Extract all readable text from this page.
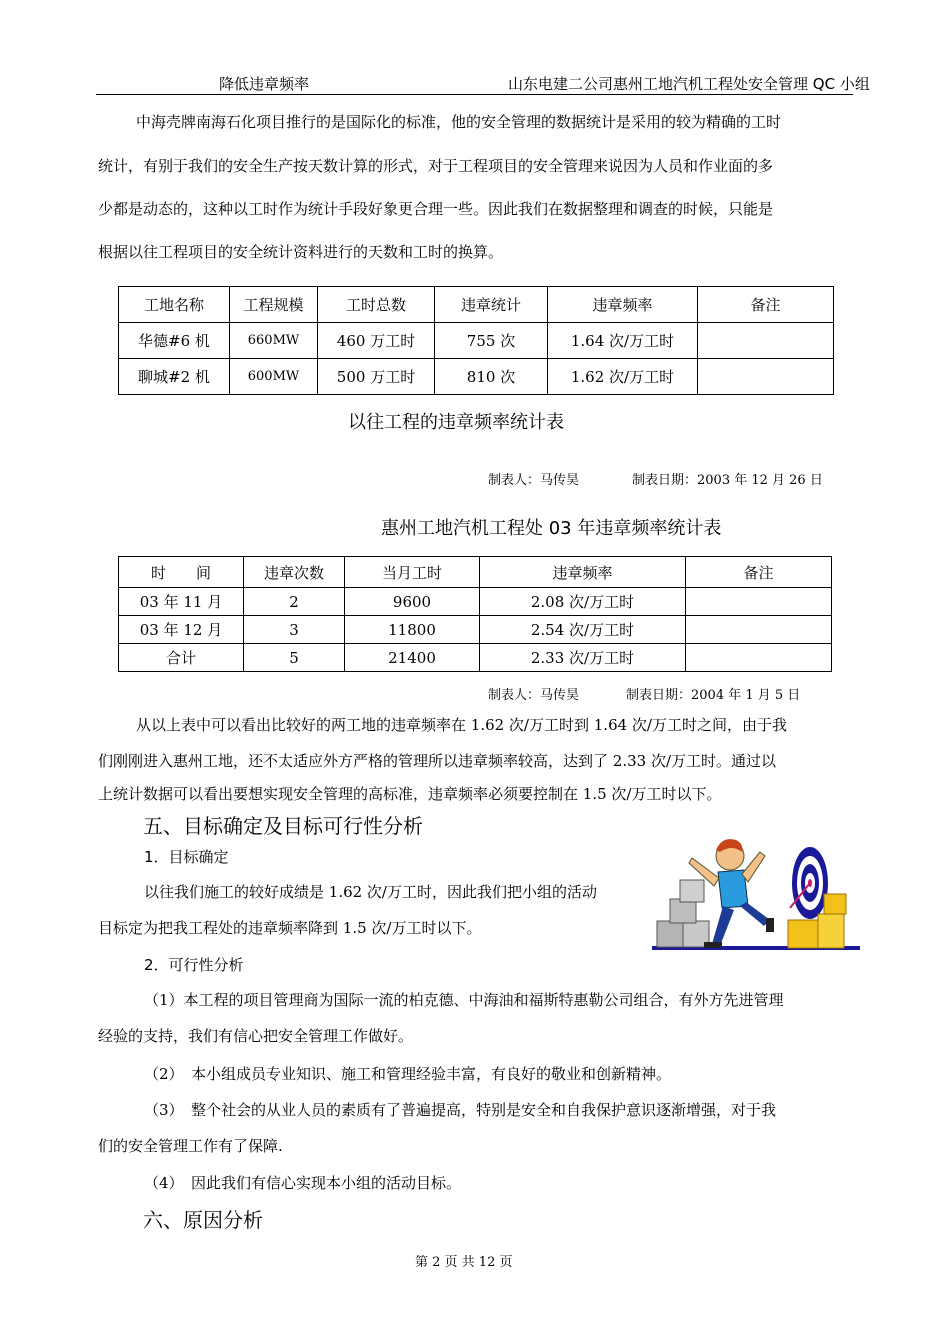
降低违章频率	山东电建二公司惠州工地汽机工程处安全管理 QC 小组
中海壳牌南海石化项目推行的是国际化的标准，他的安全管理的数据统计是采用的较为精确的工时
统计，有别于我们的安全生产按天数计算的形式，对于工程项目的安全管理来说因为人员和作业面的多
少都是动态的，这种以工时作为统计手段好象更合理一些。因此我们在数据整理和调查的时候，只能是
根据以往工程项目的安全统计资料进行的天数和工时的换算。
工地名称	工程规模	工时总数	违章统计	违章频率	备注
华德#6 机	660MW	460 万工时	755 次	1.64 次/万工时	
聊城#2 机	600MW	500 万工时	810 次	1.62 次/万工时	
以往工程的违章频率统计表
制表人：马传昊	制表日期：2003 年 12 月 26 日
惠州工地汽机工程处 03 年违章频率统计表
时　　间	违章次数	当月工时	违章频率	备注
03 年 11 月	2	9600	2.08 次/万工时	
03 年 12 月	3	11800	2.54 次/万工时	
合计	5	21400	2.33 次/万工时	
制表人：马传昊	制表日期：2004 年 1 月 5 日
从以上表中可以看出比较好的两工地的违章频率在 1.62 次/万工时到 1.64 次/万工时之间，由于我
们刚刚进入惠州工地，还不太适应外方严格的管理所以违章频率较高，达到了 2.33 次/万工时。通过以
上统计数据可以看出要想实现安全管理的高标准，违章频率必须要控制在 1.5 次/万工时以下。
五、目标确定及目标可行性分析
1．目标确定
以往我们施工的较好成绩是 1.62 次/万工时，因此我们把小组的活动
目标定为把我工程处的违章频率降到 1.5 次/万工时以下。
2．可行性分析
（1）本工程的项目管理商为国际一流的柏克德、中海油和福斯特惠勒公司组合，有外方先进管理
经验的支持，我们有信心把安全管理工作做好。
（2）　本小组成员专业知识、施工和管理经验丰富，有良好的敬业和创新精神。
（3）　整个社会的从业人员的素质有了普遍提高，特别是安全和自我保护意识逐渐增强，对于我
们的安全管理工作有了保障.
（4）　因此我们有信心实现本小组的活动目标。
六、原因分析
第 2 页 共 12 页
